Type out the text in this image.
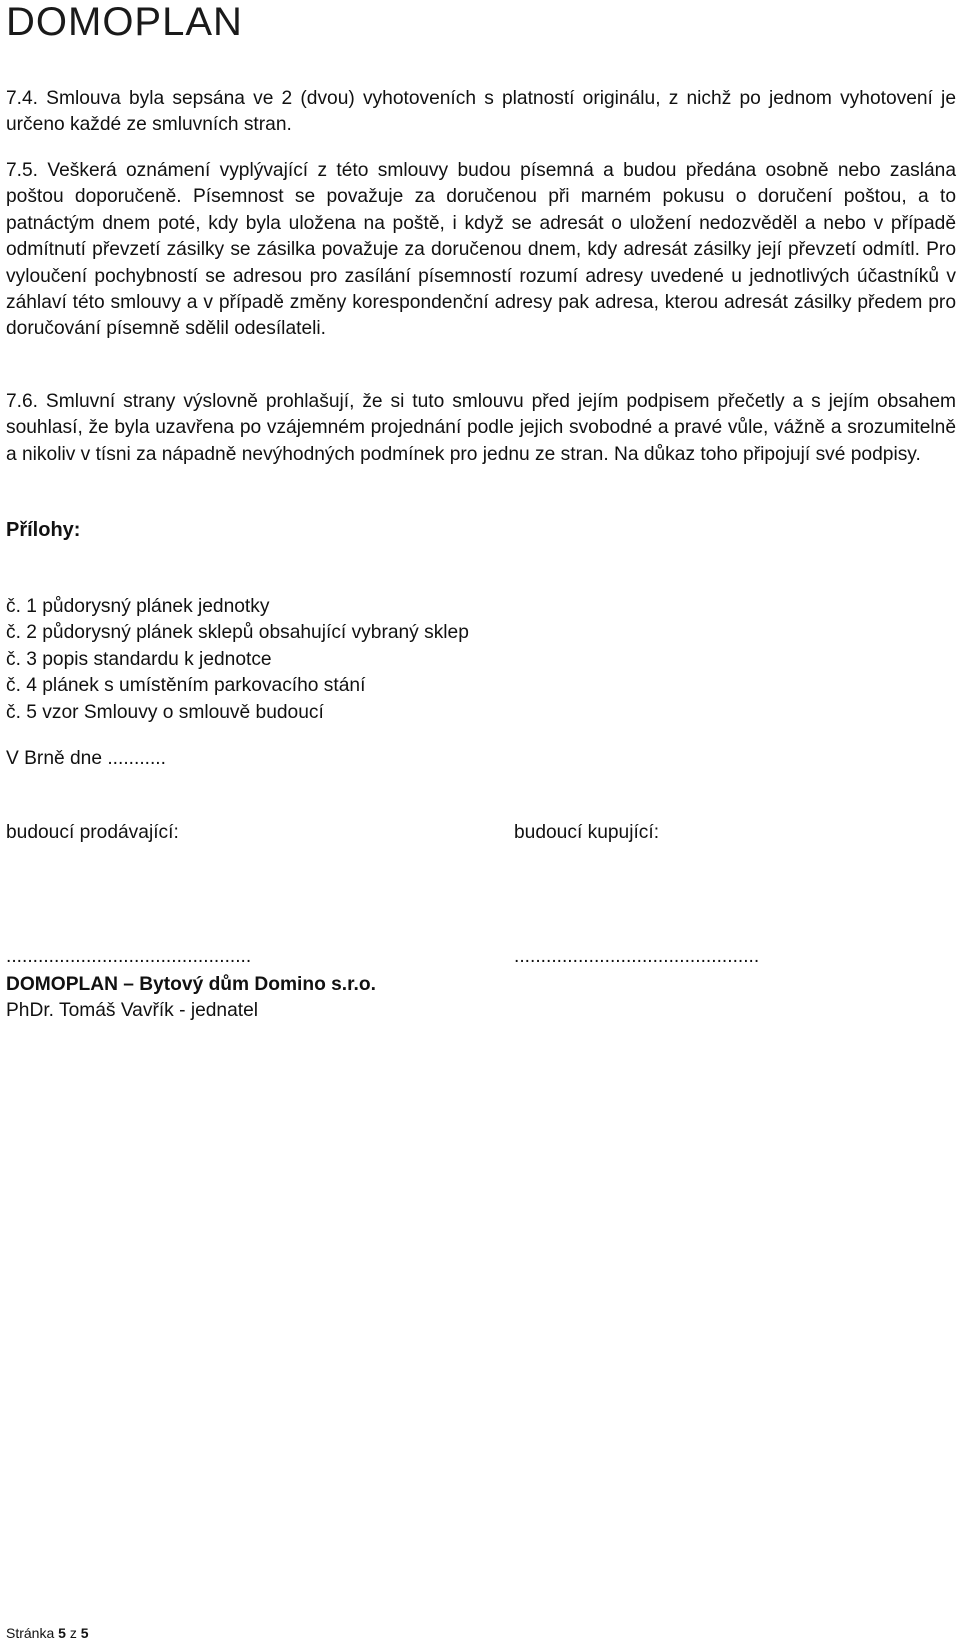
DOMOPLAN

7.4. Smlouva byla sepsána ve 2 (dvou) vyhotoveních s platností originálu, z nichž po jednom vyhotovení je určeno každé ze smluvních stran.

7.5. Veškerá oznámení vyplývající z této smlouvy budou písemná a budou předána osobně nebo zaslána poštou doporučeně. Písemnost se považuje za doručenou při marném pokusu o doručení poštou, a to patnáctým dnem poté, kdy byla uložena na poště, i když se adresát o uložení nedozvěděl a nebo v případě odmítnutí převzetí zásilky se zásilka považuje za doručenou dnem, kdy adresát zásilky její převzetí odmítl. Pro vyloučení pochybností se adresou pro zasílání písemností rozumí adresy uvedené u jednotlivých účastníků v záhlaví této smlouvy a v případě změny korespondenční adresy pak adresa, kterou adresát zásilky předem pro doručování písemně sdělil odesílateli.

7.6. Smluvní strany výslovně prohlašují, že si tuto smlouvu před jejím podpisem přečetly a s jejím obsahem souhlasí, že byla uzavřena po vzájemném projednání podle jejich svobodné a pravé vůle, vážně a srozumitelně a nikoliv v tísni za nápadně nevýhodných podmínek pro jednu ze stran. Na důkaz toho připojují své podpisy.

Přílohy:
č. 1 půdorysný plánek jednotky
č. 2 půdorysný plánek sklepů obsahující vybraný sklep
č. 3 popis standardu k jednotce
č. 4 plánek s umístěním parkovacího stání
č. 5 vzor Smlouvy o smlouvě budoucí

V Brně dne ...........

budoucí prodávající:	budoucí kupující:

..............................................	..............................................

DOMOPLAN – Bytový dům Domino s.r.o.

PhDr. Tomáš Vavřík - jednatel

Stránka 5 z 5
